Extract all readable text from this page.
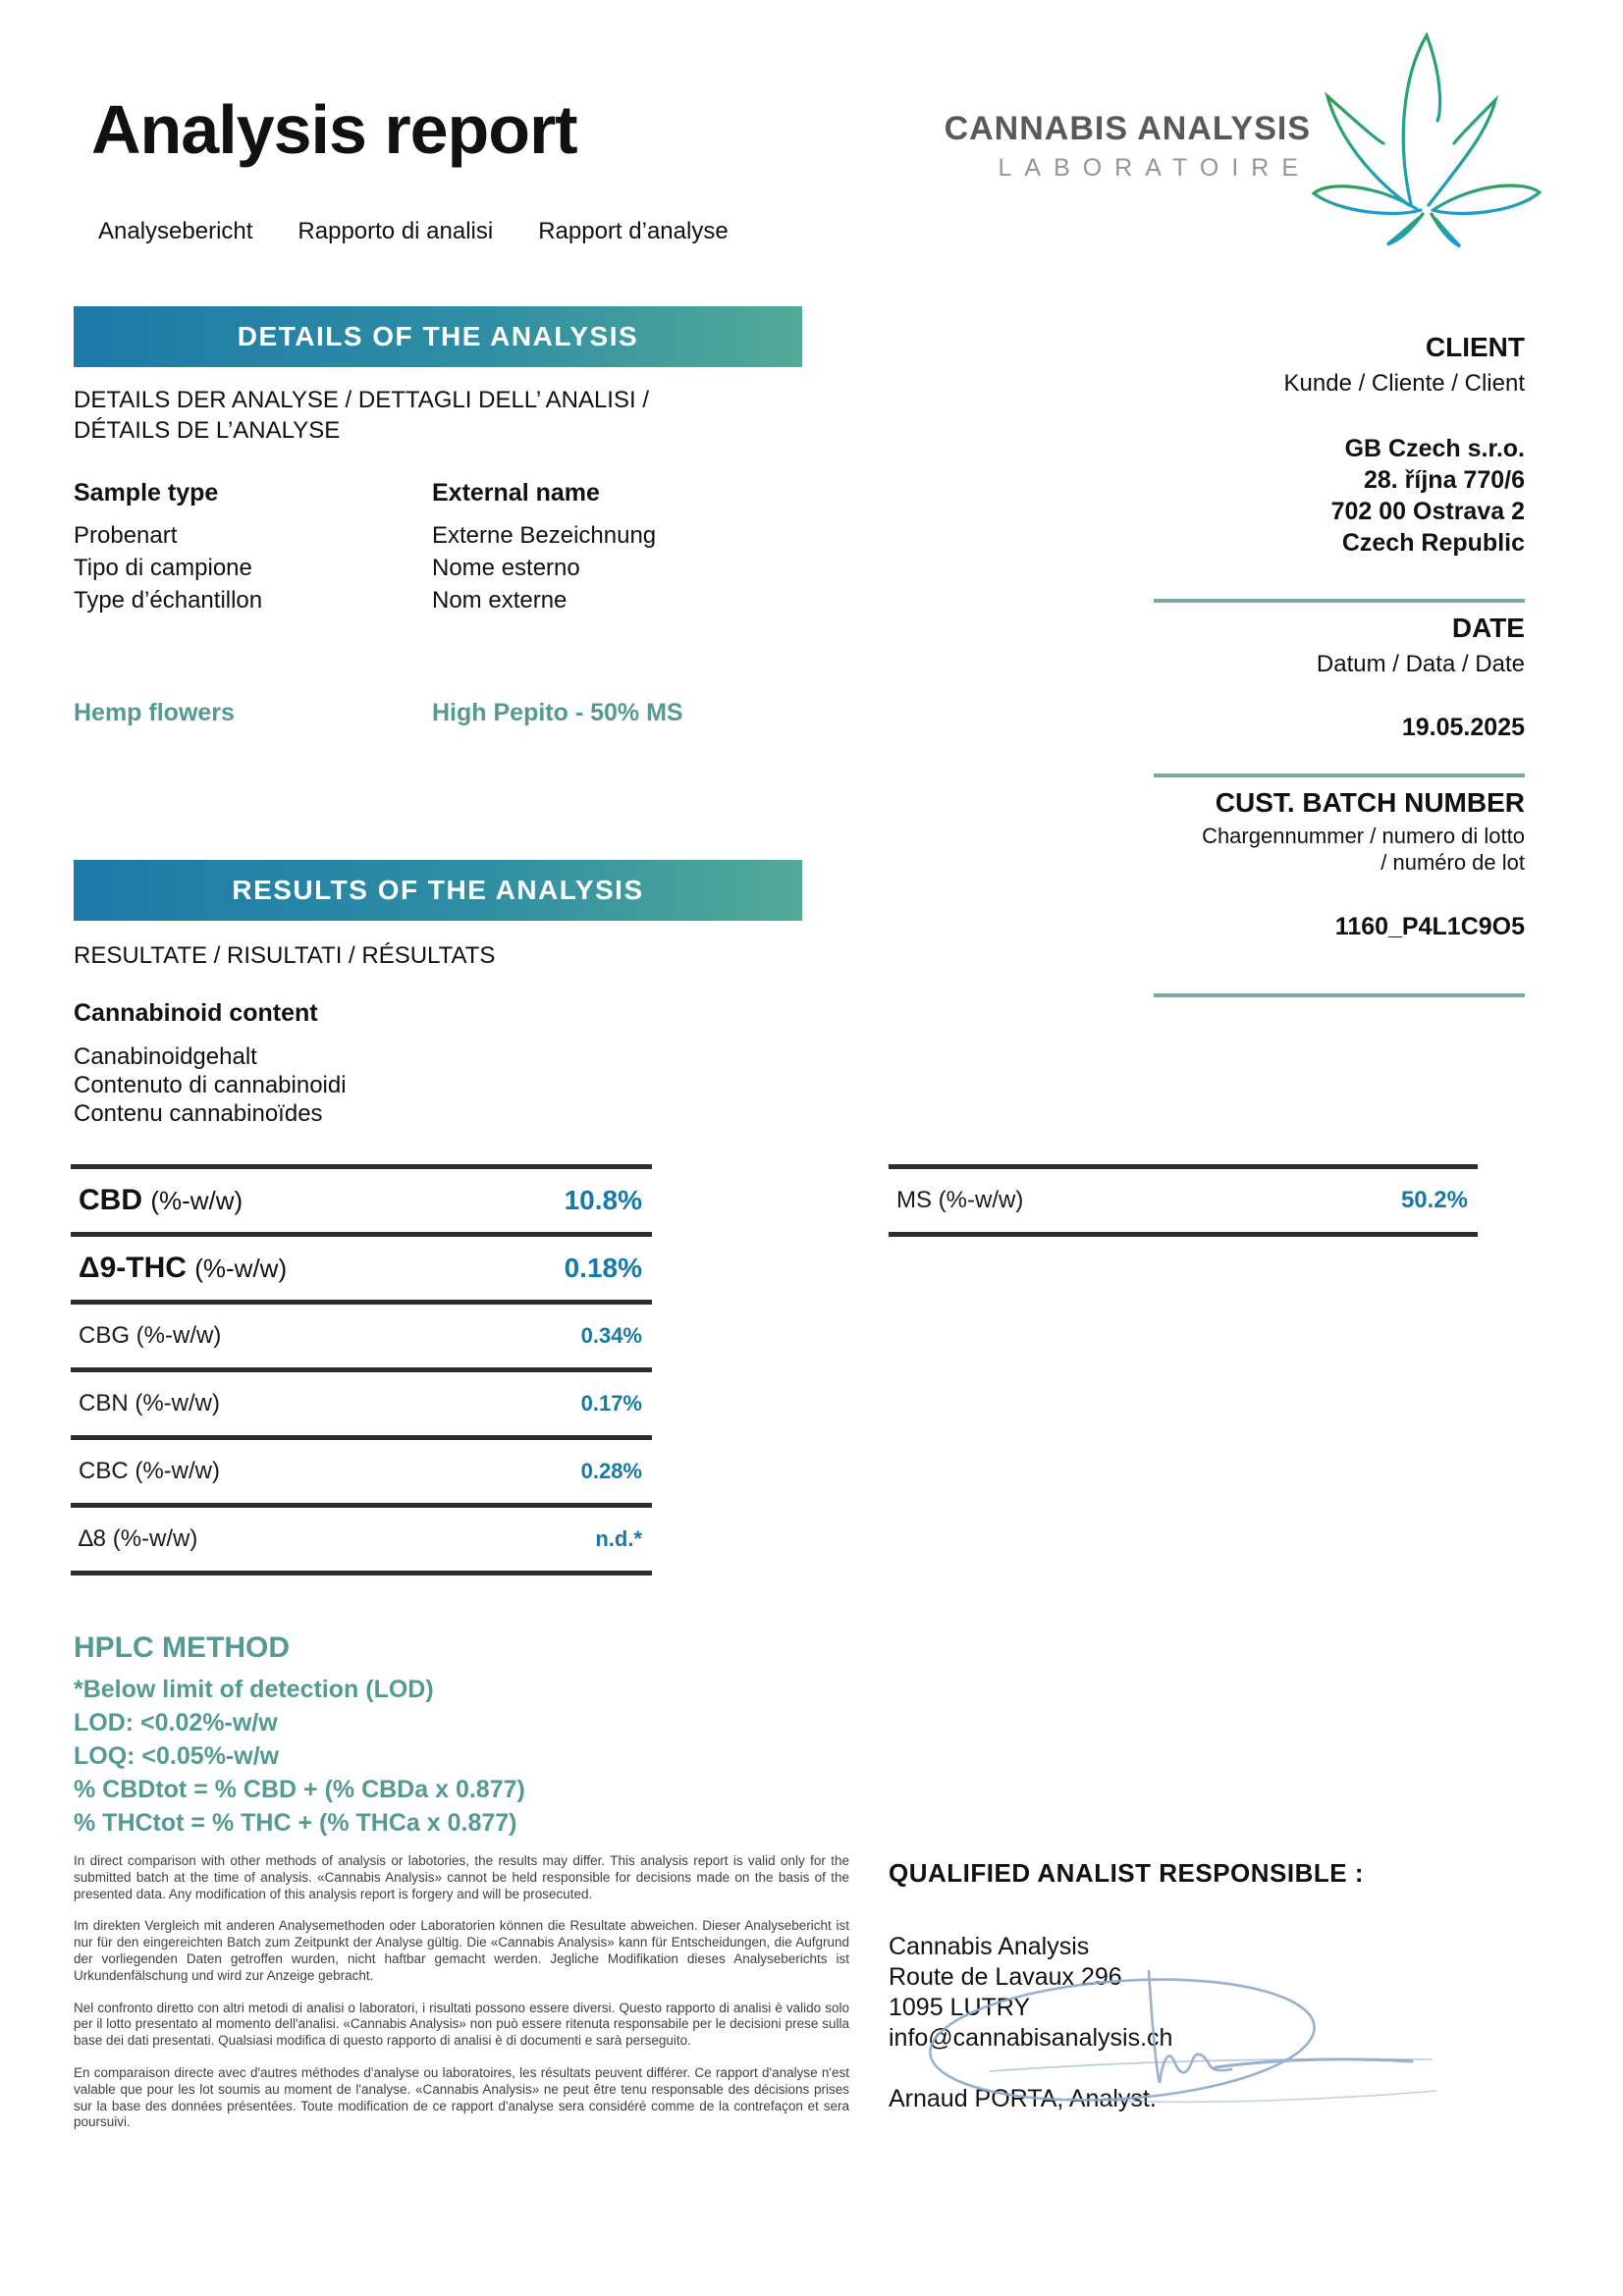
Analysis report
Analysebericht Rapporto di analisi Rapport d’analyse
CANNABIS ANALYSIS
LABORATOIRE
DETAILS OF THE ANALYSIS
DETAILS DER ANALYSE / DETTAGLI DELL’ ANALISI /
DÉTAILS DE L’ANALYSE
Sample type
Probenart
Tipo di campione
Type d’échantillon
External name
Externe Bezeichnung
Nome esterno
Nom externe
Hemp flowers	High Pepito - 50% MS
CLIENT
Kunde / Cliente / Client
GB Czech s.r.o.
28. října 770/6
702 00 Ostrava 2
Czech Republic
DATE
Datum / Data / Date
19.05.2025
CUST. BATCH NUMBER
Chargennummer / numero di lotto
/ numéro de lot
1160_P4L1C9O5
RESULTS OF THE ANALYSIS
RESULTATE / RISULTATI / RÉSULTATS
Cannabinoid content
Canabinoidgehalt
Contenuto di cannabinoidi
Contenu cannabinoïdes
CBD (%-w/w)	10.8%
Δ9-THC (%-w/w)	0.18%
CBG (%-w/w)	0.34%
CBN (%-w/w)	0.17%
CBC (%-w/w)	0.28%
∆8 (%-w/w)	n.d.*
MS (%-w/w)	50.2%
HPLC METHOD
*Below limit of detection (LOD)
LOD: <0.02%-w/w
LOQ: <0.05%-w/w
% CBDtot = % CBD + (% CBDa x 0.877)
% THCtot = % THC + (% THCa x 0.877)

In direct comparison with other methods of analysis or labotories, the results may differ. This analysis report is valid only for the submitted batch at the time of analysis. «Cannabis Analysis» cannot be held responsible for decisions made on the basis of the presented data. Any modification of this analysis report is forgery and will be prosecuted.

Im direkten Vergleich mit anderen Analysemethoden oder Laboratorien können die Resultate abweichen. Dieser Analysebericht ist nur für den eingereichten Batch zum Zeitpunkt der Analyse gültig. Die «Cannabis Analysis» kann für Entscheidungen, die Aufgrund der vorliegenden Daten getroffen wurden, nicht haftbar gemacht werden. Jegliche Modifikation dieses Analyseberichts ist Urkundenfälschung und wird zur Anzeige gebracht.

Nel confronto diretto con altri metodi di analisi o laboratori, i risultati possono essere diversi. Questo rapporto di analisi è valido solo per il lotto presentato al momento dell'analisi. «Cannabis Analysis» non può essere ritenuta responsabile per le decisioni prese sulla base dei dati presentati. Qualsiasi modifica di questo rapporto di analisi è di documenti e sarà perseguito.

En comparaison directe avec d'autres méthodes d'analyse ou laboratoires, les résultats peuvent différer. Ce rapport d'analyse n'est valable que pour les lot soumis au moment de l'analyse. «Cannabis Analysis» ne peut être tenu responsable des décisions prises sur la base des données présentées. Toute modification de ce rapport d'analyse sera considéré comme de la contrefaçon et sera poursuivi.

QUALIFIED ANALIST RESPONSIBLE :
Cannabis Analysis
Route de Lavaux 296
1095 LUTRY
info@cannabisanalysis.ch
Arnaud PORTA, Analyst.
